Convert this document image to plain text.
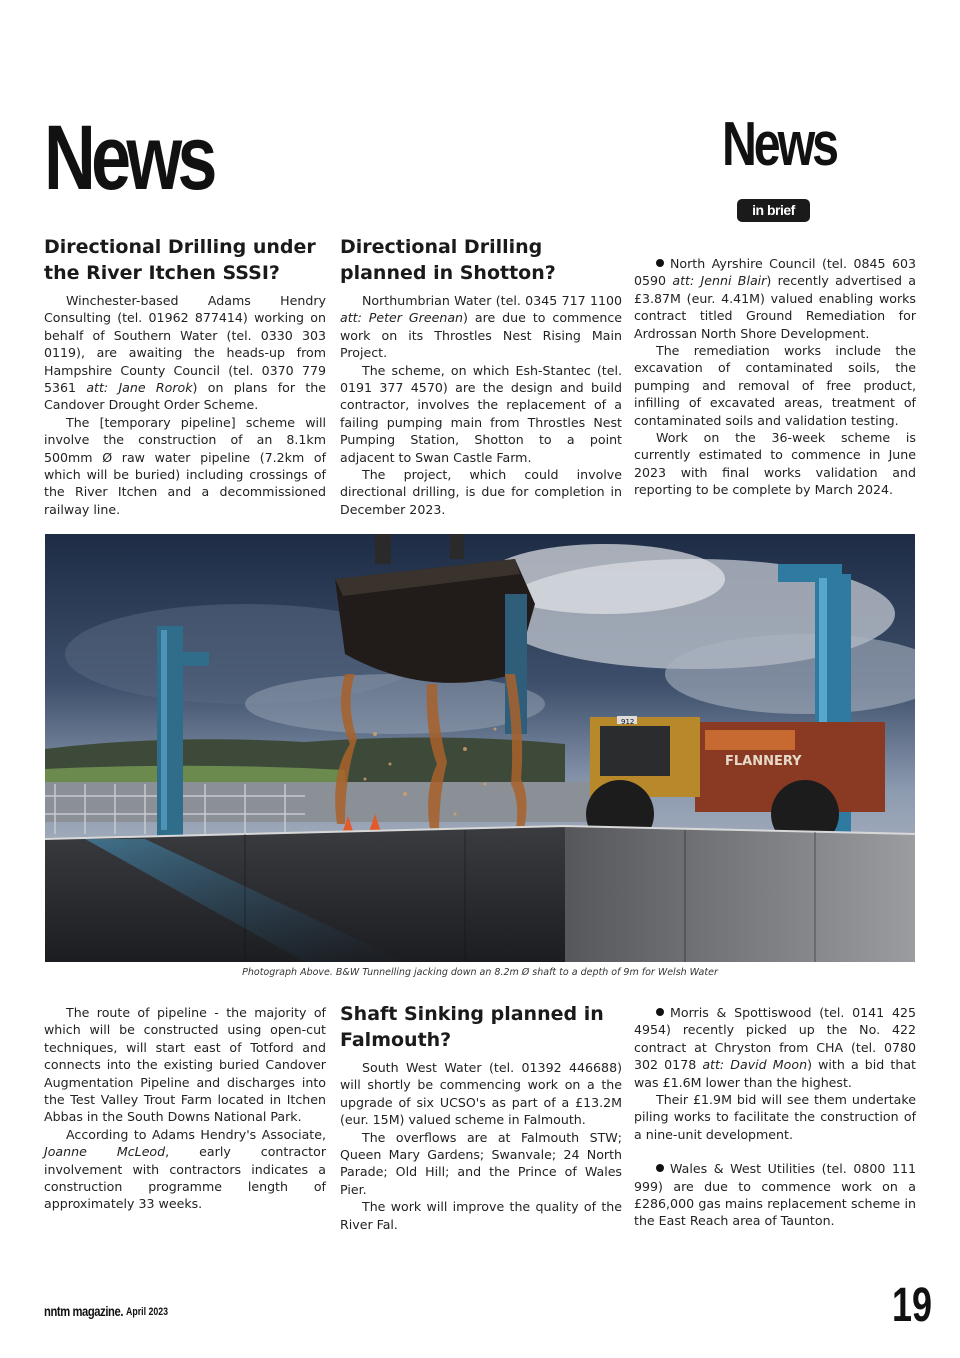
News	News
in brief
Directional Drilling under the River Itchen SSSI?

Winchester-based Adams Hendry Consulting (tel. 01962 877414) working on behalf of Southern Water (tel. 0330 303 0119), are awaiting the heads-up from Hampshire County Council (tel. 0370 779 5361 att: Jane Rorok) on plans for the Candover Drought Order Scheme.

The [temporary pipeline] scheme will involve the construction of an 8.1km 500mm Ø raw water pipeline (7.2km of which will be buried) including crossings of the River Itchen and a decommissioned railway line.

Directional Drilling planned in Shotton?

Northumbrian Water (tel. 0345 717 1100 att: Peter Greenan) are due to commence work on its Throstles Nest Rising Main Project.

The scheme, on which Esh-Stantec (tel. 0191 377 4570) are the design and build contractor, involves the replacement of a failing pumping main from Throstles Nest Pumping Station, Shotton to a point adjacent to Swan Castle Farm.

The project, which could involve directional drilling, is due for completion in December 2023.

North Ayrshire Council (tel. 0845 603 0590 att: Jenni Blair) recently advertised a £3.87M (eur. 4.41M) valued enabling works contract titled Ground Remediation for Ardrossan North Shore Development.

The remediation works include the excavation of contaminated soils, the pumping and removal of free product, infilling of excavated areas, treatment of contaminated soils and validation testing.

Work on the 36-week scheme is currently estimated to commence in June 2023 with final works validation and reporting to be complete by March 2024.

FLANNERY
912
Photograph Above. B&W Tunnelling jacking down an 8.2m Ø shaft to a depth of 9m for Welsh Water

The route of pipeline - the majority of which will be constructed using open-cut techniques, will start east of Totford and connects into the existing buried Candover Augmentation Pipeline and discharges into the Test Valley Trout Farm located in Itchen Abbas in the South Downs National Park.

According to Adams Hendry's Associate, Joanne McLeod, early contractor involvement with contractors indicates a construction programme length of approximately 33 weeks.

Shaft Sinking planned in Falmouth?

South West Water (tel. 01392 446688) will shortly be commencing work on a the upgrade of six UCSO's as part of a £13.2M (eur. 15M) valued scheme in Falmouth.

The overflows are at Falmouth STW; Queen Mary Gardens; Swanvale; 24 North Parade; Old Hill; and the Prince of Wales Pier.

The work will improve the quality of the River Fal.

Morris & Spottiswood (tel. 0141 425 4954) recently picked up the No. 422 contract at Chryston from CHA (tel. 0780 302 0178 att: David Moon) with a bid that was £1.6M lower than the highest.

Their £1.9M bid will see them undertake piling works to facilitate the construction of a nine-unit development.

Wales & West Utilities (tel. 0800 111 999) are due to commence work on a £286,000 gas mains replacement scheme in the East Reach area of Taunton.

nntm magazine. April 2023	19
